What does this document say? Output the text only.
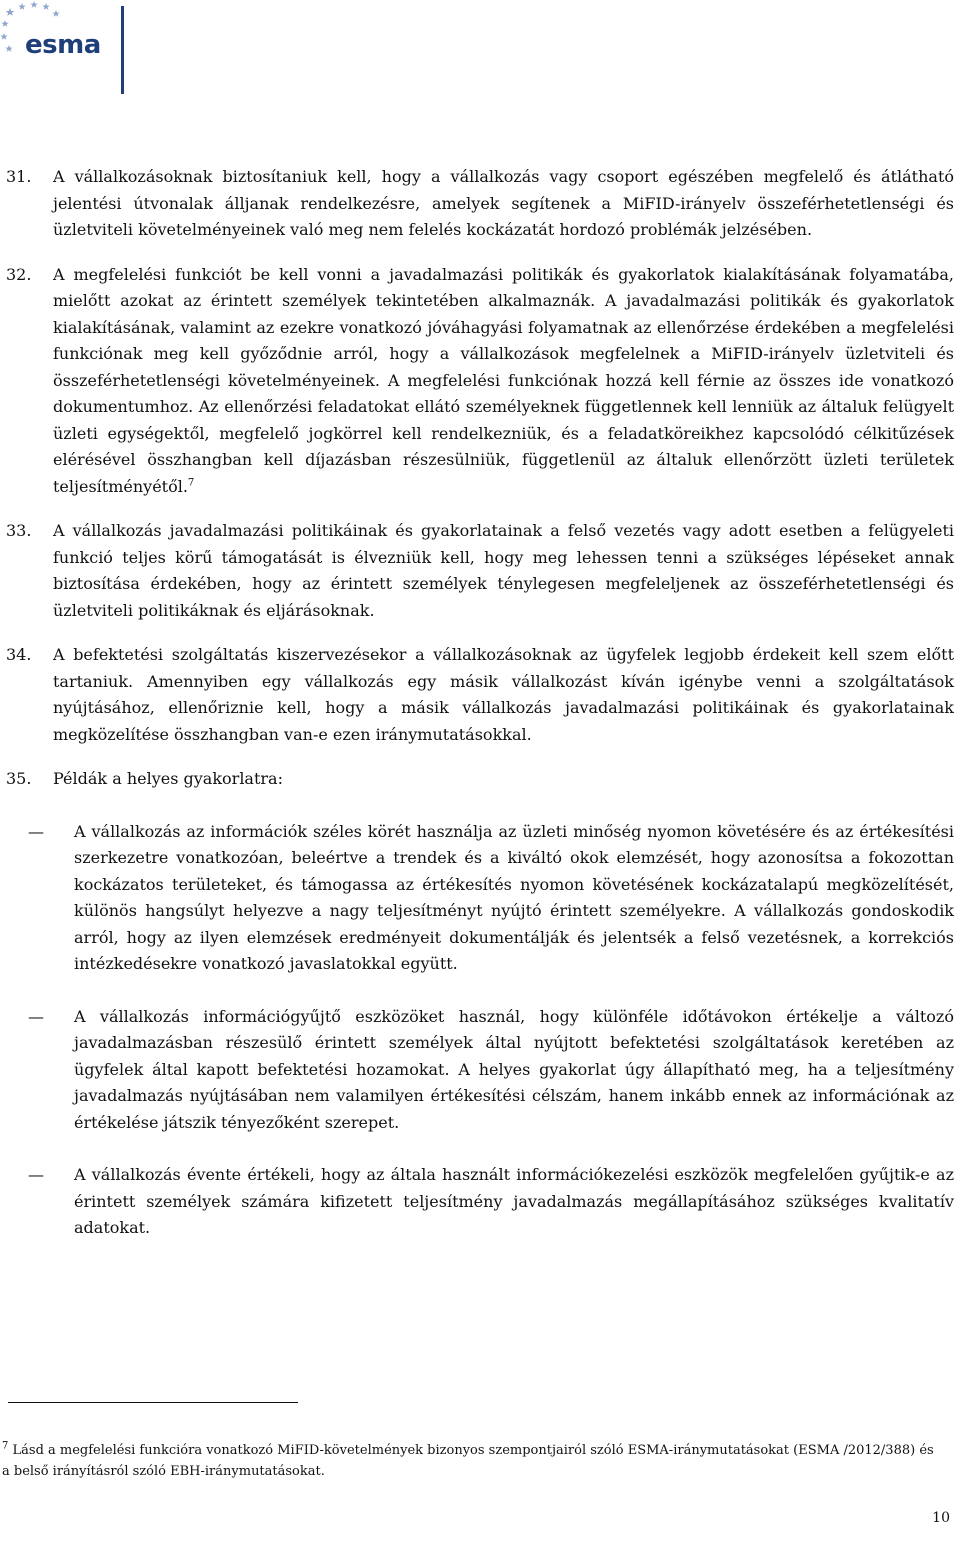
esma

31. A vállalkozásoknak biztosítaniuk kell, hogy a vállalkozás vagy csoport egészében megfelelő és átlátható jelentési útvonalak álljanak rendelkezésre, amelyek segítenek a MiFID-irányelv összeférhetetlenségi és üzletviteli követelményeinek való meg nem felelés kockázatát hordozó problémák jelzésében.

32. A megfelelési funkciót be kell vonni a javadalmazási politikák és gyakorlatok kialakításának folyamatába, mielőtt azokat az érintett személyek tekintetében alkalmaznák. A javadalmazási politikák és gyakorlatok kialakításának, valamint az ezekre vonatkozó jóváhagyási folyamatnak az ellenőrzése érdekében a megfelelési funkciónak meg kell győződnie arról, hogy a vállalkozások megfelelnek a MiFID-irányelv üzletviteli és összeférhetetlenségi követelményeinek. A megfelelési funkciónak hozzá kell férnie az összes ide vonatkozó dokumentumhoz. Az ellenőrzési feladatokat ellátó személyeknek függetlennek kell lenniük az általuk felügyelt üzleti egységektől, megfelelő jogkörrel kell rendelkezniük, és a feladatköreikhez kapcsolódó célkitűzések elérésével összhangban kell díjazásban részesülniük, függetlenül az általuk ellenőrzött üzleti területek teljesítményétől.$^7$

33. A vállalkozás javadalmazási politikáinak és gyakorlatainak a felső vezetés vagy adott esetben a felügyeleti funkció teljes körű támogatását is élvezniük kell, hogy meg lehessen tenni a szükséges lépéseket annak biztosítása érdekében, hogy az érintett személyek ténylegesen megfeleljenek az összeférhetetlenségi és üzletviteli politikáknak és eljárásoknak.

34. A befektetési szolgáltatás kiszervezésekor a vállalkozásoknak az ügyfelek legjobb érdekeit kell szem előtt tartaniuk. Amennyiben egy vállalkozás egy másik vállalkozást kíván igénybe venni a szolgáltatások nyújtásához, ellenőriznie kell, hogy a másik vállalkozás javadalmazási politikáinak és gyakorlatainak megközelítése összhangban van-e ezen iránymutatásokkal.

35. Példák a helyes gyakorlatra:

— A vállalkozás az információk széles körét használja az üzleti minőség nyomon követésére és az értékesítési szerkezetre vonatkozóan, beleértve a trendek és a kiváltó okok elemzését, hogy azonosítsa a fokozottan kockázatos területeket, és támogassa az értékesítés nyomon követésének kockázatalapú megközelítését, különös hangsúlyt helyezve a nagy teljesítményt nyújtó érintett személyekre. A vállalkozás gondoskodik arról, hogy az ilyen elemzések eredményeit dokumentálják és jelentsék a felső vezetésnek, a korrekciós intézkedésekre vonatkozó javaslatokkal együtt.

— A vállalkozás információgyűjtő eszközöket használ, hogy különféle időtávokon értékelje a változó javadalmazásban részesülő érintett személyek által nyújtott befektetési szolgáltatások keretében az ügyfelek által kapott befektetési hozamokat. A helyes gyakorlat úgy állapítható meg, ha a teljesítmény javadalmazás nyújtásában nem valamilyen értékesítési célszám, hanem inkább ennek az információnak az értékelése játszik tényezőként szerepet.

— A vállalkozás évente értékeli, hogy az általa használt információkezelési eszközök megfelelően gyűjtik-e az érintett személyek számára kifizetett teljesítmény javadalmazás megállapításához szükséges kvalitatív adatokat.

$^7$ Lásd a megfelelési funkcióra vonatkozó MiFID-követelmények bizonyos szempontjairól szóló ESMA-iránymutatásokat (ESMA /2012/388) és a belső irányításról szóló EBH-iránymutatásokat.
10
